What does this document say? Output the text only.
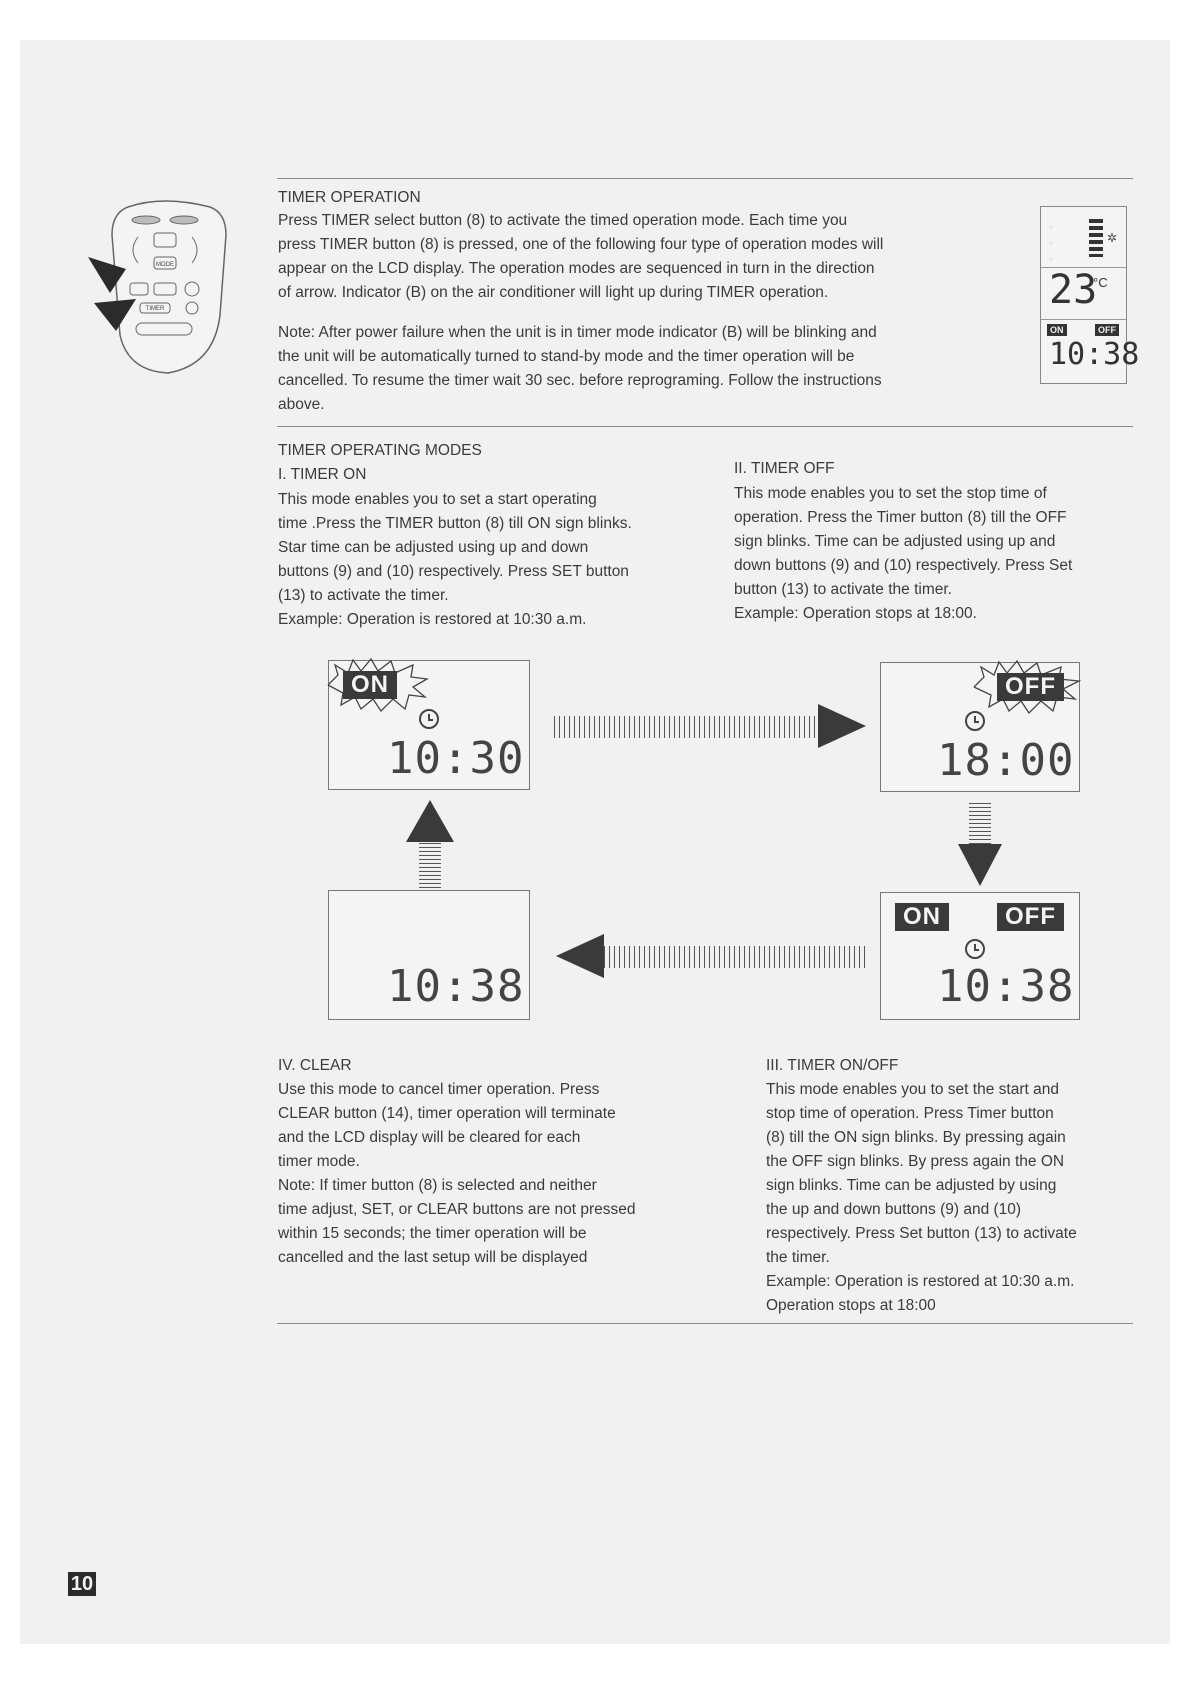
MODE
TIMER
TIMER OPERATION
Press TIMER select button (8) to activate the timed operation mode. Each time you
press TIMER button (8) is pressed, one of the following four type of operation modes will
appear on the LCD display. The operation modes are sequenced in turn in the direction
of arrow. Indicator (B) on the air conditioner will light up during TIMER operation.
Note: After power failure when the unit is in timer mode indicator (B) will be blinking and
the unit will be automatically turned to stand-by mode and the timer operation will be
cancelled. To resume the timer wait 30 sec. before reprograming. Follow the instructions
above.
✲
◦
◦
◦
23
°C
ON	OFF
10:38
TIMER OPERATING MODES
I. TIMER ON
This mode enables you to set a start operating
time .Press the TIMER button (8) till ON sign blinks.
Star time can be adjusted using up and down
buttons (9) and (10) respectively. Press SET button
(13) to activate the timer.
Example: Operation is restored at 10:30 a.m.
II. TIMER OFF
This mode enables you to set the stop time of
operation. Press the Timer button (8) till the OFF
sign blinks. Time can be adjusted using up and
down buttons (9) and (10) respectively. Press Set
button (13) to activate the timer.
Example: Operation stops at 18:00.
ON
10:30
OFF
18:00
10:38
ON	OFF
10:38
IV. CLEAR
Use this mode to cancel timer operation. Press
CLEAR button (14), timer operation will terminate
and the LCD display will be cleared for each
timer mode.
Note: If timer button (8) is selected and neither
time adjust, SET, or CLEAR buttons are not pressed
within 15 seconds; the timer operation will be
cancelled and the last setup will be displayed
III. TIMER ON/OFF
This mode enables you to set the start and
stop time of operation. Press Timer button
(8) till the ON sign blinks. By pressing again
the OFF sign blinks. By press again the ON
sign blinks. Time can be adjusted by using
the up and down buttons (9) and (10)
respectively. Press Set button (13) to activate
the timer.
Example: Operation is restored at 10:30 a.m.
Operation stops at 18:00
10
